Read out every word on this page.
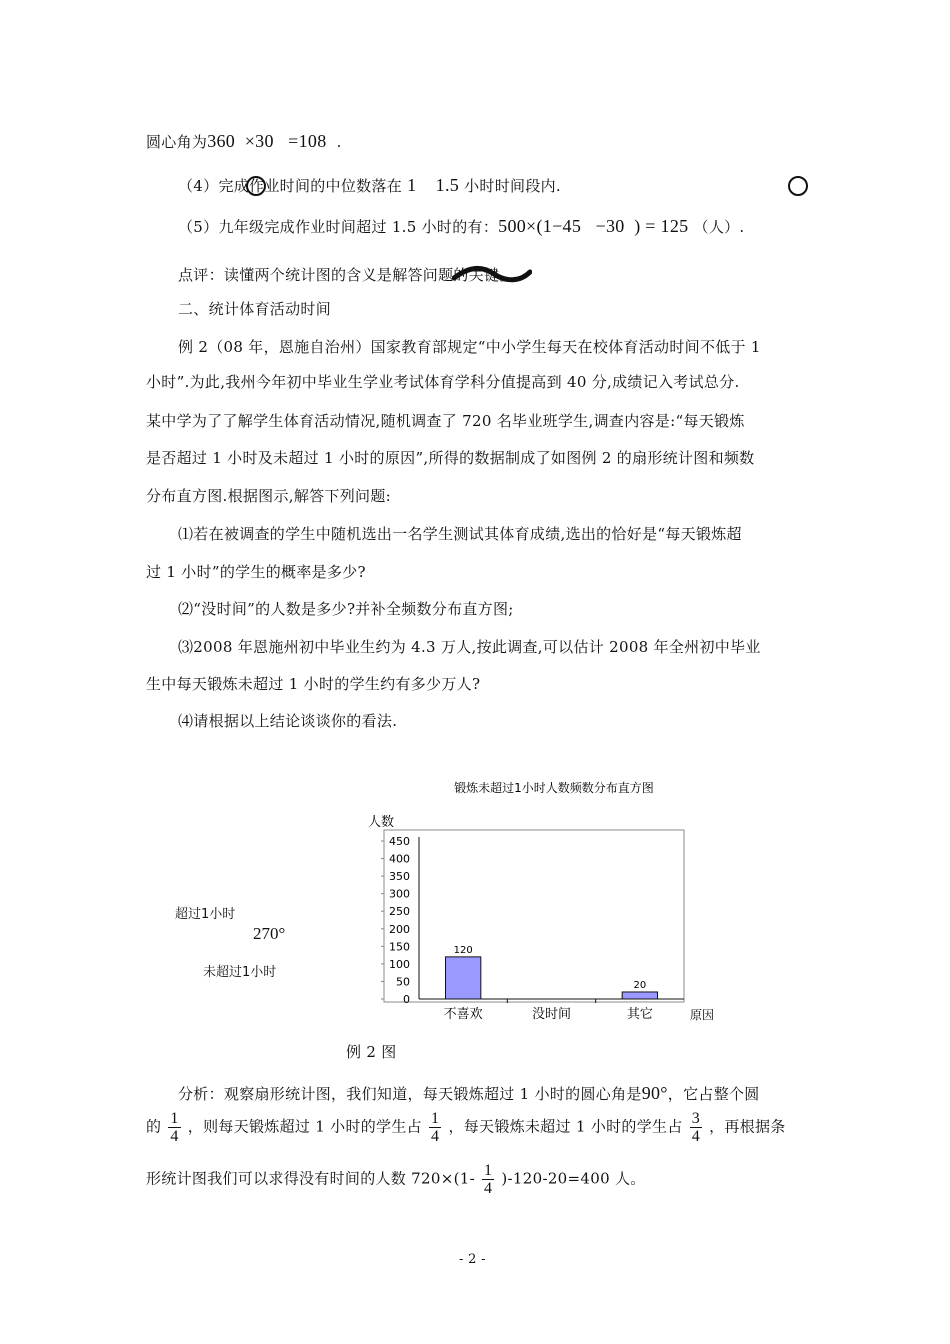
圆心角为360  ×30   =108 .
（4）完成作业时间的中位数落在 1    1.5 小时时间段内.
（5）九年级完成作业时间超过 1.5 小时的有：500×(1−45   −30  ) = 125 （人）.
点评：读懂两个统计图的含义是解答问题的关键。
二、统计体育活动时间
例 2（08 年，恩施自治州）国家教育部规定“中小学生每天在校体育活动时间不低于 1
小时”.为此,我州今年初中毕业生学业考试体育学科分值提高到 40 分,成绩记入考试总分.
某中学为了了解学生体育活动情况,随机调查了 720 名毕业班学生,调查内容是:“每天锻炼
是否超过 1 小时及未超过 1 小时的原因”,所得的数据制成了如图例 2 的扇形统计图和频数
分布直方图.根据图示,解答下列问题:
⑴若在被调查的学生中随机选出一名学生测试其体育成绩,选出的恰好是“每天锻炼超
过 1 小时”的学生的概率是多少?
⑵“没时间”的人数是多少?并补全频数分布直方图;
⑶2008 年恩施州初中毕业生约为 4.3 万人,按此调查,可以估计 2008 年全州初中毕业
生中每天锻炼未超过 1 小时的学生约有多少万人?
⑷请根据以上结论谈谈你的看法.
超过1小时
270°
未超过1小时
锻炼未超过1小时人数频数分布直方图
人数
0
50
100
150
200
250
300
350
400
450
120
20
不喜欢	没时间	其它	原因
例 2 图
分析：观察扇形统计图，我们知道，每天锻炼超过 1 小时的圆心角是90°，它占整个圆
的 $\frac{1}{4}$ ，则每天锻炼超过 1 小时的学生占 $\frac{1}{4}$ ，每天锻炼未超过 1 小时的学生占 $\frac{3}{4}$ ，再根据条
形统计图我们可以求得没有时间的人数 $720\times(1- \frac{1}{4} )-120-20=400$ 人。
- 2 -
